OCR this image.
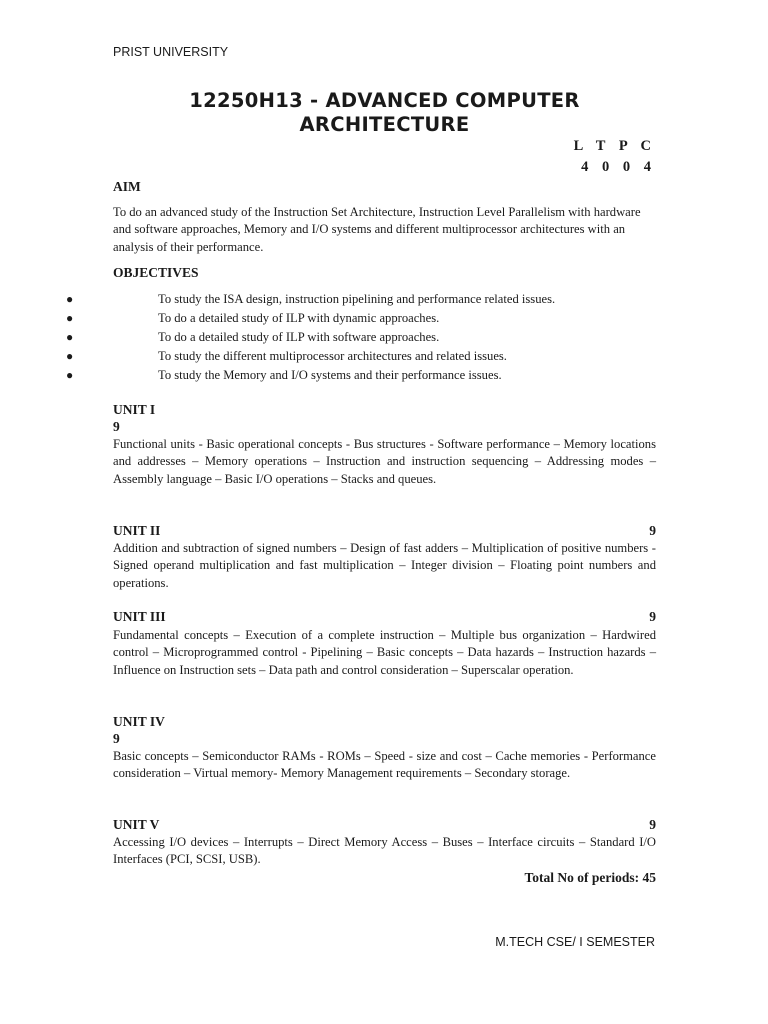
PRIST UNIVERSITY
12250H13 - ADVANCED COMPUTER
ARCHITECTURE
L T P C
4 0 0 4
AIM
To do an advanced study of the Instruction Set Architecture, Instruction Level Parallelism with hardware and software approaches, Memory and I/O systems and different multiprocessor architectures with an analysis of their performance.
OBJECTIVES
●	To study the ISA design, instruction pipelining and performance related issues.
●	To do a detailed study of ILP with dynamic approaches.
●	To do a detailed study of ILP with software approaches.
●	To study the different multiprocessor architectures and related issues.
●	To study the Memory and I/O systems and their performance issues.
UNIT I
9
Functional units - Basic operational concepts - Bus structures - Software performance – Memory locations and addresses – Memory operations – Instruction and instruction sequencing – Addressing modes – Assembly language – Basic I/O operations – Stacks and queues.
UNIT II	9
Addition and subtraction of signed numbers – Design of fast adders – Multiplication of positive numbers - Signed operand multiplication and fast multiplication – Integer division – Floating point numbers and operations.
UNIT III	9
Fundamental concepts – Execution of a complete instruction – Multiple bus organization – Hardwired control – Microprogrammed control - Pipelining – Basic concepts – Data hazards – Instruction hazards – Influence on Instruction sets – Data path and control consideration – Superscalar operation.
UNIT IV
9
Basic concepts – Semiconductor RAMs - ROMs – Speed - size and cost – Cache memories - Performance consideration – Virtual memory- Memory Management requirements – Secondary storage.
UNIT V	9
Accessing I/O devices – Interrupts – Direct Memory Access – Buses – Interface circuits – Standard I/O Interfaces (PCI, SCSI, USB).
Total No of periods: 45
M.TECH CSE/ I SEMESTER
